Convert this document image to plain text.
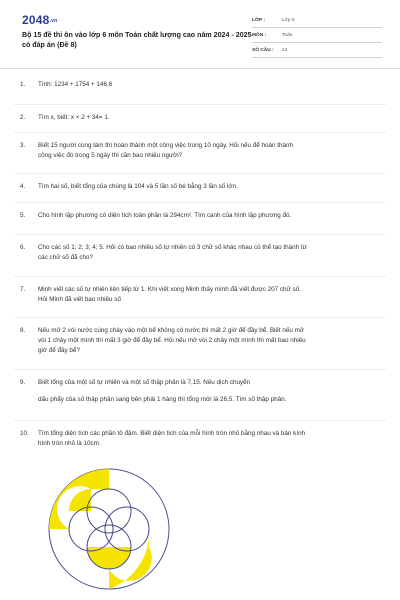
2048.vn
Bộ 15 đề thi ôn vào lớp 6 môn Toán chất lượng cao năm 2024 - 2025 có đáp án (Đề 8)
LỚP :	Lớp 5
MÔN :	Toán
SỐ CÂU :	13
1.	Tính: 1234 + 1754 + 146,6
2.	Tìm x, biết: x × 2 + 34= 1.
3.	Biết 15 người cùng làm thì hoàn thành một công việc trong 10 ngày. Hỏi nếu để hoàn thành
công việc đó trong 5 ngày thì cần bao nhiêu người?
4.	Tìm hai số, biết tổng của chúng là 104 và 5 lần số bé bằng 3 lần số lớn.
5.	Cho hình lập phương có diện tích toàn phần là 294cm². Tìm cạnh của hình lập phương đó.
6.	Cho các số 1; 2; 3; 4; 5. Hỏi có bao nhiêu số tự nhiên có 3 chữ số khác nhau có thể tạo thành từ
các chữ số đã cho?
7.	Minh viết các số tự nhiên liên tiếp từ 1. Khi viết xong Minh thấy mình đã viết được 207 chữ số.
Hỏi Minh đã viết bao nhiêu số
8.	Nếu mở 2 vòi nước cùng chảy vào một bể không có nước thì mất 2 giờ để đầy bể. Biết nếu mở
vòi 1 chảy một mình thì mất 3 giờ để đầy bể. Hỏi nếu mở vòi 2 chảy một mình thì mất bao nhiêu
giờ để đầy bể?
9.	Biết tổng của một số tự nhiên và một số thập phân là 7,15. Nếu dịch chuyển
dấu phẩy của số thập phân sang bên phải 1 hàng thì tổng mới là 26,5. Tìm số thập phân.
10.	Tìm tổng diện tích các phần tô đậm. Biết diện tích của mỗi hình tròn nhỏ bằng nhau và bán kính
hình tròn nhỏ là 10cm.
